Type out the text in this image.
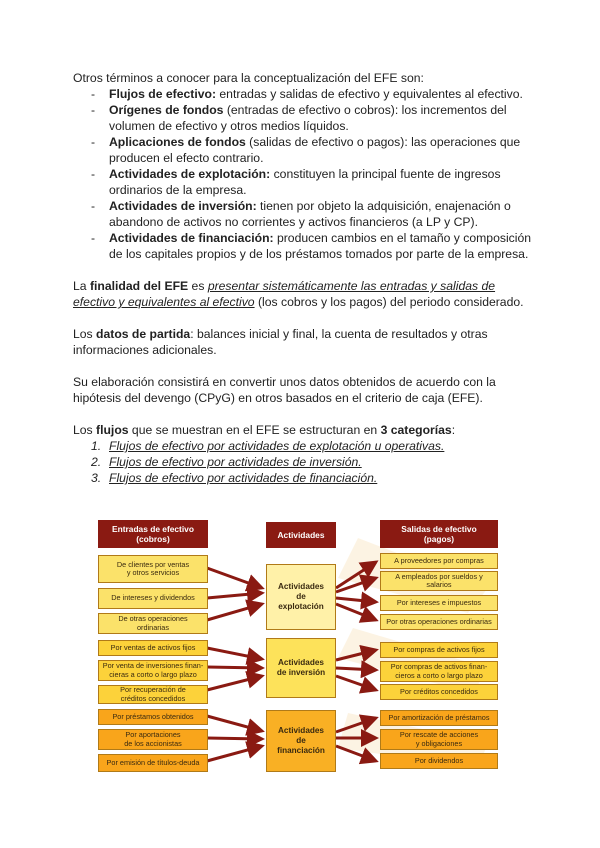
Otros términos a conocer para la conceptualización del EFE son:

- Flujos de efectivo: entradas y salidas de efectivo y equivalentes al efectivo.
- Orígenes de fondos (entradas de efectivo o cobros): los incrementos del volumen de efectivo y otros medios líquidos.
- Aplicaciones de fondos (salidas de efectivo o pagos): las operaciones que producen el efecto contrario.
- Actividades de explotación: constituyen la principal fuente de ingresos ordinarios de la empresa.
- Actividades de inversión: tienen por objeto la adquisición, enajenación o abandono de activos no corrientes y activos financieros (a LP y CP).
- Actividades de financiación: producen cambios en el tamaño y composición de los capitales propios y de los préstamos tomados por parte de la empresa.

La finalidad del EFE es presentar sistemáticamente las entradas y salidas de efectivo y equivalentes al efectivo (los cobros y los pagos) del periodo considerado.

Los datos de partida: balances inicial y final, la cuenta de resultados y otras informaciones adicionales.

Su elaboración consistirá en convertir unos datos obtenidos de acuerdo con la hipótesis del devengo (CPyG) en otros basados en el criterio de caja (EFE).

Los flujos que se muestran en el EFE se estructuran en 3 categorías:

1. Flujos de efectivo por actividades de explotación u operativas.
2. Flujos de efectivo por actividades de inversión.
3. Flujos de efectivo por actividades de financiación.
Entradas de efectivo
(cobros)	Actividades
Salidas de efectivo
(pagos)
De clientes por ventas
y otros servicios
De intereses y dividendos
De otras operaciones
ordinarias
Por ventas de activos fijos
Por venta de inversiones finan-
cieras a corto o largo plazo
Por recuperación de
créditos concedidos
Por préstamos obtenidos
Por aportaciones
de los accionistas
Por emisión de títulos-deuda
Actividades
de
explotación
Actividades
de inversión
Actividades
de
financiación
A proveedores por compras
A empleados por sueldos y
salarios
Por intereses e impuestos
Por otras operaciones ordinarias
Por compras de activos fijos
Por compras de activos finan-
cieros a corto o largo plazo
Por créditos concedidos
Por amortización de préstamos
Por rescate de acciones
y obligaciones
Por dividendos
